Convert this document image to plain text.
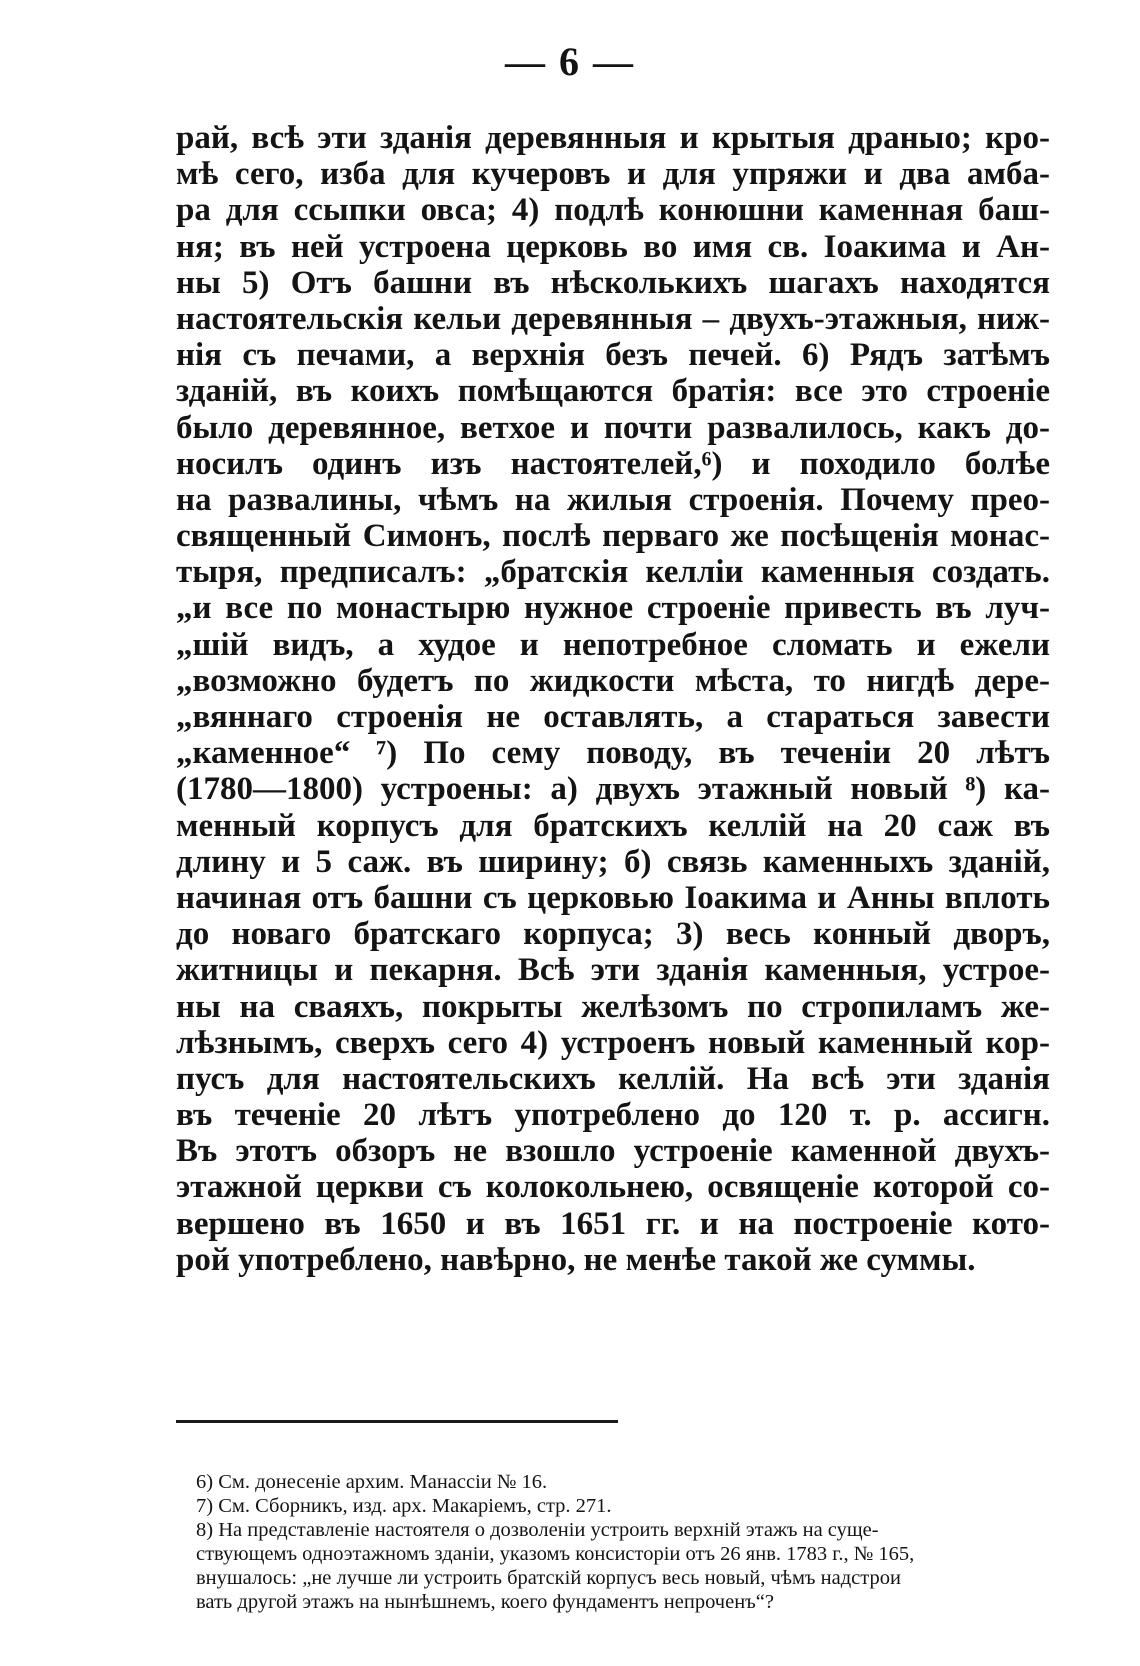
— 6 —
рай, всѣ эти зданія деревянныя и крытыя драныо; кро-
мѣ сего, изба для кучеровъ и для упряжи и два амба-
ра для ссыпки овса; 4) подлѣ конюшни каменная баш-
ня; въ ней устроена церковь во имя св. Іоакима и Ан-
ны 5) Отъ башни въ нѣсколькихъ шагахъ находятся
настоятельскія кельи деревянныя – двухъ-этажныя, ниж-
нія съ печами, а верхнія безъ печей. 6) Рядъ затѣмъ
зданій, въ коихъ помѣщаются братія: все это строеніе
было деревянное, ветхое и почти развалилось, какъ до-
носилъ одинъ изъ настоятелей,⁶) и походило болѣе
на развалины, чѣмъ на жилыя строенія. Почему прео-
священный Симонъ, послѣ перваго же посѣщенія монас-
тыря, предписалъ: „братскія келліи каменныя создать.
„и все по монастырю нужное строеніе привесть въ луч-
„шій видъ, а худое и непотребное сломать и ежели
„возможно будетъ по жидкости мѣста, то нигдѣ дере-
„вяннаго строенія не оставлять, а стараться завести
„каменное“ ⁷) По сему поводу, въ теченіи 20 лѣтъ
(1780—1800) устроены: а) двухъ этажный новый ⁸) ка-
менный корпусъ для братскихъ келлій на 20 саж въ
длину и 5 саж. въ ширину; б) связь каменныхъ зданій,
начиная отъ башни съ церковью Іоакима и Анны вплоть
до новаго братскаго корпуса; 3) весь конный дворъ,
житницы и пекарня. Всѣ эти зданія каменныя, устрое-
ны на сваяхъ, покрыты желѣзомъ по стропиламъ же-
лѣзнымъ, сверхъ сего 4) устроенъ новый каменный кор-
пусъ для настоятельскихъ келлій. На всѣ эти зданія
въ теченіе 20 лѣтъ употреблено до 120 т. р. ассигн.
Въ этотъ обзоръ не взошло устроеніе каменной двухъ-
этажной церкви съ колокольнею, освященіе которой со-
вершено въ 1650 и въ 1651 гг. и на построеніе кото-
рой употреблено, навѣрно, не менѣе такой же суммы.
6) См. донесеніе архим. Манассіи № 16.
7) См. Сборникъ, изд. арх. Макаріемъ, стр. 271.
8) На представленіе настоятеля о дозволеніи устроить верхній этажъ на суще-
ствующемъ одноэтажномъ зданіи, указомъ консисторіи отъ 26 янв. 1783 г., № 165,
внушалось: „не лучше ли устроить братскій корпусъ весь новый, чѣмъ надстрои
вать другой этажъ на нынѣшнемъ, коего фундаментъ непроченъ“?
